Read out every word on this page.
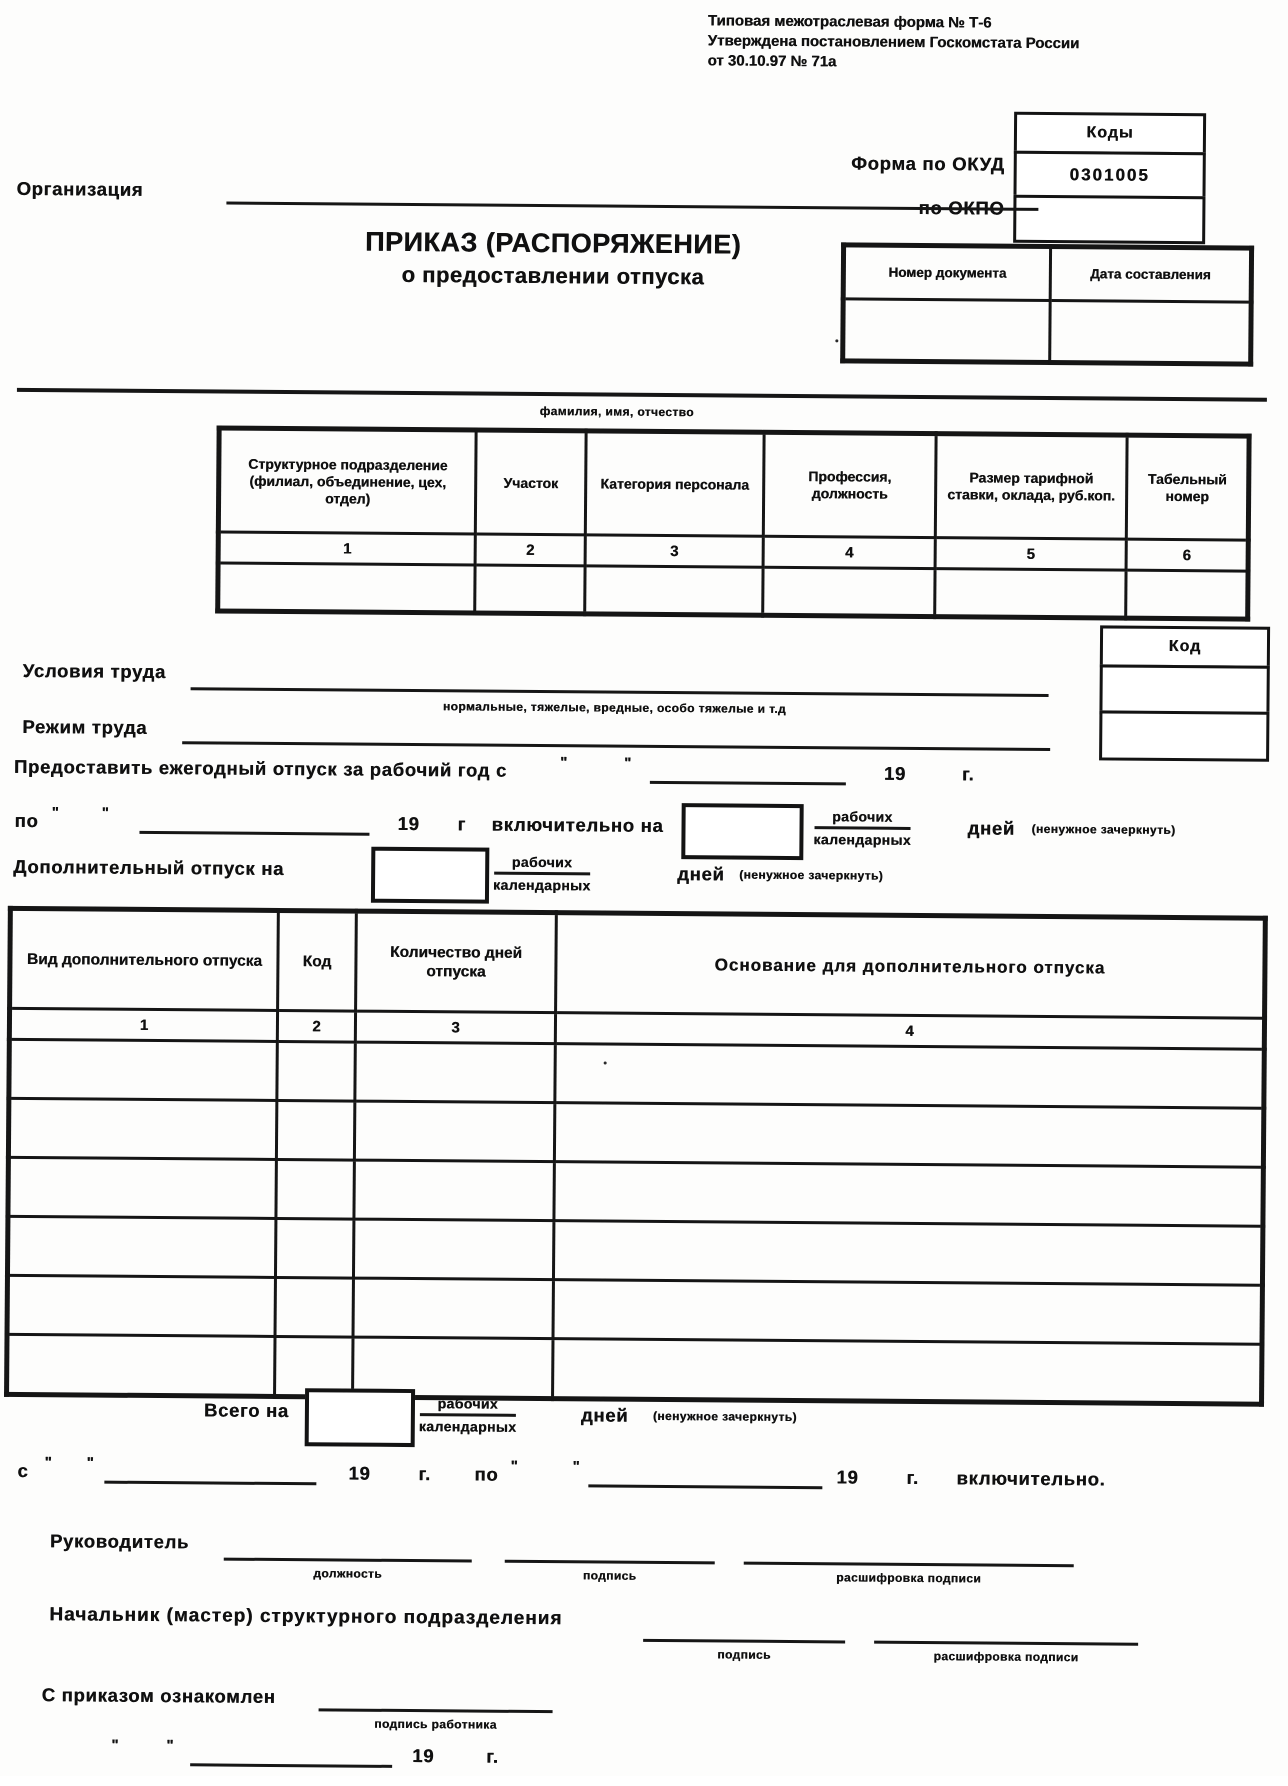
Типовая межотраслевая форма № Т-6
Утверждена постановлением Госкомстата России
от 30.10.97 № 71а
Коды
0301005
Форма по ОКУД
по ОКПО
Организация
ПРИКАЗ (РАСПОРЯЖЕНИЕ)
о предоставлении отпуска	Номер документа	Дата составления

фамилия, имя, отчество
Структурное подразделение (филиал, объединение, цех, отдел)	Участок	Категория персонала	Профессия, должность	Размер тарифной ставки, оклада, руб.коп.	Табельный номер
1	2	3	4	5	6

Код
Условия труда
нормальные, тяжелые, вредные, особо тяжелые и т.д
Режим труда
Предоставить ежегодный отпуск за рабочий год с	"	"	19	г.
по "	"	19 г включительно на	рабочих
календарных
дней (ненужное зачеркнуть)
Дополнительный отпуск на	рабочих
календарных
дней (ненужное зачеркнуть)
Вид дополнительного отпуска	Код	Количество дней отпуска	Основание для дополнительного отпуска
1	2	3	4

Всего на	рабочих
календарных
дней (ненужное зачеркнуть)
с " "	19	г. по "	"	19	г. включительно.
Руководитель
должность	подпись	расшифровка подписи
Начальник (мастер) структурного подразделения
подпись	расшифровка подписи
С приказом ознакомлен
подпись работника
"	"	19	г.
